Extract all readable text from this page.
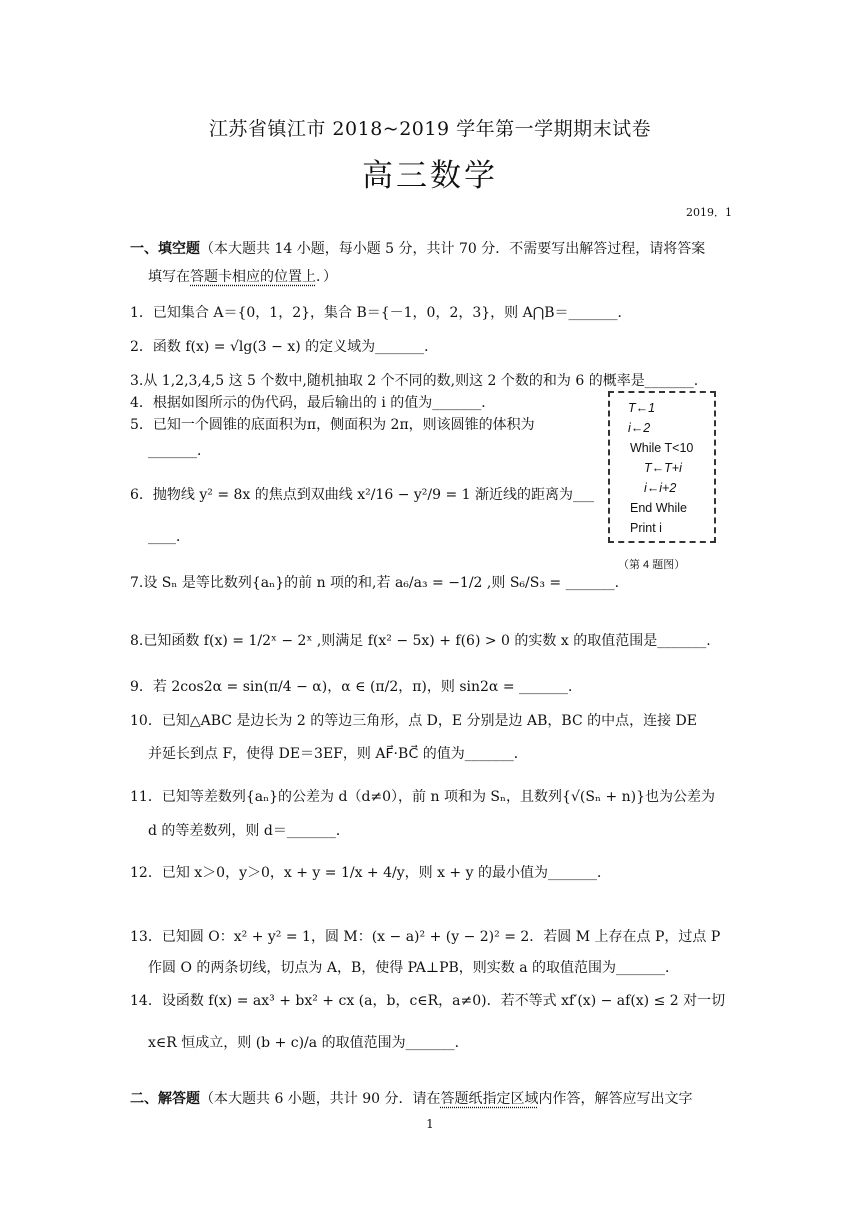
江苏省镇江市 2018~2019 学年第一学期期末试卷
高三数学
2019．1
一、填空题（本大题共 14 小题，每小题 5 分，共计 70 分．不需要写出解答过程，请将答案
填写在答题卡相应的位置上．）
1．已知集合 A＝{0，1，2}，集合 B＝{－1，0，2，3}，则 A⋂B＝_______．
2．函数 f(x) = √lg(3 − x) 的定义域为_______．
3.从 1,2,3,4,5 这 5 个数中,随机抽取 2 个不同的数,则这 2 个数的和为 6 的概率是_______.
4．根据如图所示的伪代码，最后输出的 i 的值为_______．
5．已知一个圆锥的底面积为π，侧面积为 2π，则该圆锥的体积为
_______．
6．抛物线 y² = 8x 的焦点到双曲线 x²/16 − y²/9 = 1 渐近线的距离为___
____．
7.设 Sₙ 是等比数列{aₙ}的前 n 项的和,若 a₆/a₃ = −1/2 ,则 S₆/S₃ = _______.
8.已知函数 f(x) = 1/2ˣ − 2ˣ ,则满足 f(x² − 5x) + f(6) > 0 的实数 x 的取值范围是_______.
9．若 2cos2α = sin(π/4 − α)，α ∈ (π/2，π)，则 sin2α = _______．
10．已知△ABC 是边长为 2 的等边三角形，点 D，E 分别是边 AB，BC 的中点，连接 DE
并延长到点 F，使得 DE＝3EF，则 AF⃗·BC⃗ 的值为_______．
11．已知等差数列{aₙ}的公差为 d（d≠0），前 n 项和为 Sₙ，且数列{√(Sₙ + n)}也为公差为
d 的等差数列，则 d＝_______．
12．已知 x＞0，y＞0，x + y = 1/x + 4/y，则 x + y 的最小值为_______．
13．已知圆 O：x² + y² = 1，圆 M：(x − a)² + (y − 2)² = 2．若圆 M 上存在点 P，过点 P
作圆 O 的两条切线，切点为 A，B，使得 PA⊥PB，则实数 a 的取值范围为_______．
14．设函数 f(x) = ax³ + bx² + cx (a，b，c∈R，a≠0)．若不等式 xf′(x) − af(x) ≤ 2 对一切
x∈R 恒成立，则 (b + c)/a 的取值范围为_______．
T←1
i←2
While T<10
T←T+i
i←i+2
End While
Print i
（第 4 题图）
二、解答题（本大题共 6 小题，共计 90 分．请在答题纸指定区域内作答，解答应写出文字
1
